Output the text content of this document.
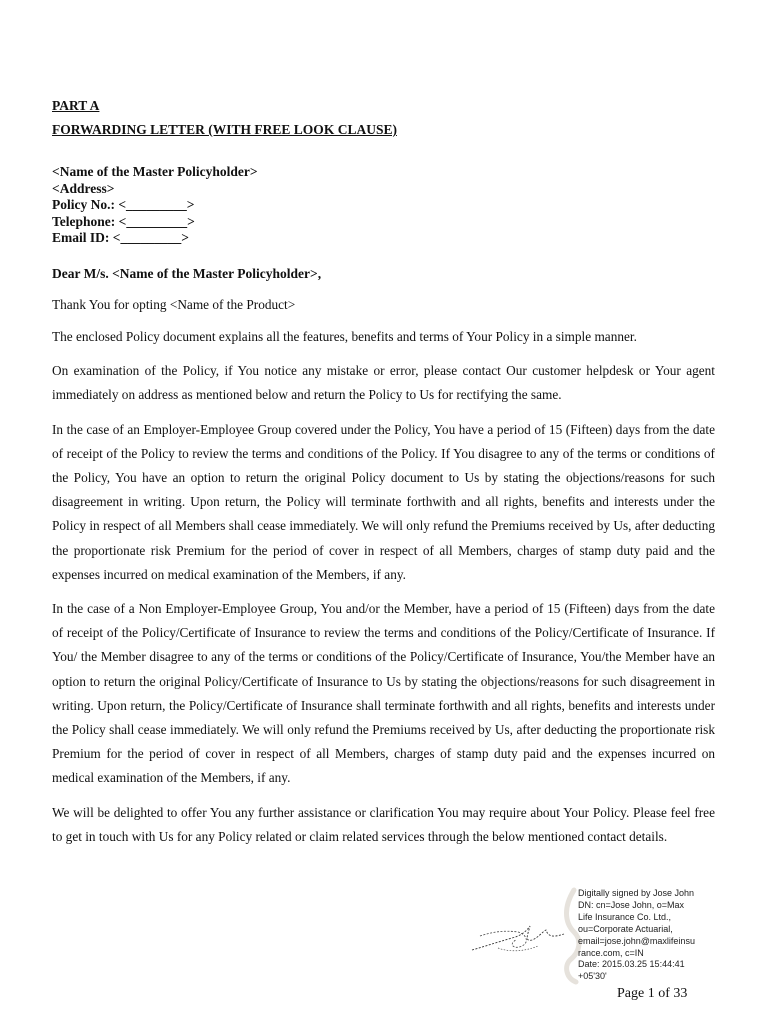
PART A
FORWARDING LETTER (WITH FREE LOOK CLAUSE)
<Name of the Master Policyholder>
<Address>
Policy No.: <_________>
Telephone: <_________>
Email ID: <_________>
Dear M/s. <Name of the Master Policyholder>,

Thank You for opting <Name of the Product>

The enclosed Policy document explains all the features, benefits and terms of Your Policy in a simple manner.

On examination of the Policy, if You notice any mistake or error, please contact Our customer helpdesk or Your agent immediately on address as mentioned below and return the Policy to Us for rectifying the same.

In the case of an Employer-Employee Group covered under the Policy, You have a period of 15 (Fifteen) days from the date of receipt of the Policy to review the terms and conditions of the Policy. If You disagree to any of the terms or conditions of the Policy, You have an option to return the original Policy document to Us by stating the objections/reasons for such disagreement in writing. Upon return, the Policy will terminate forthwith and all rights, benefits and interests under the Policy in respect of all Members shall cease immediately. We will only refund the Premiums received by Us, after deducting the proportionate risk Premium for the period of cover in respect of all Members, charges of stamp duty paid and the expenses incurred on medical examination of the Members, if any.

In the case of a Non Employer-Employee Group, You and/or the Member, have a period of 15 (Fifteen) days from the date of receipt of the Policy/Certificate of Insurance to review the terms and conditions of the Policy/Certificate of Insurance. If You/ the Member disagree to any of the terms or conditions of the Policy/Certificate of Insurance, You/the Member have an option to return the original Policy/Certificate of Insurance to Us by stating the objections/reasons for such disagreement in writing. Upon return, the Policy/Certificate of Insurance shall terminate forthwith and all rights, benefits and interests under the Policy shall cease immediately. We will only refund the Premiums received by Us, after deducting the proportionate risk Premium for the period of cover in respect of all Members, charges of stamp duty paid and the expenses incurred on medical examination of the Members, if any.

We will be delighted to offer You any further assistance or clarification You may require about Your Policy. Please feel free to get in touch with Us for any Policy related or claim related services through the below mentioned contact details.

Digitally signed by Jose John
DN: cn=Jose John, o=Max
Life Insurance Co. Ltd.,
ou=Corporate Actuarial,
email=jose.john@maxlifeinsu
rance.com, c=IN
Date: 2015.03.25 15:44:41
+05'30'
Page 1 of 33
